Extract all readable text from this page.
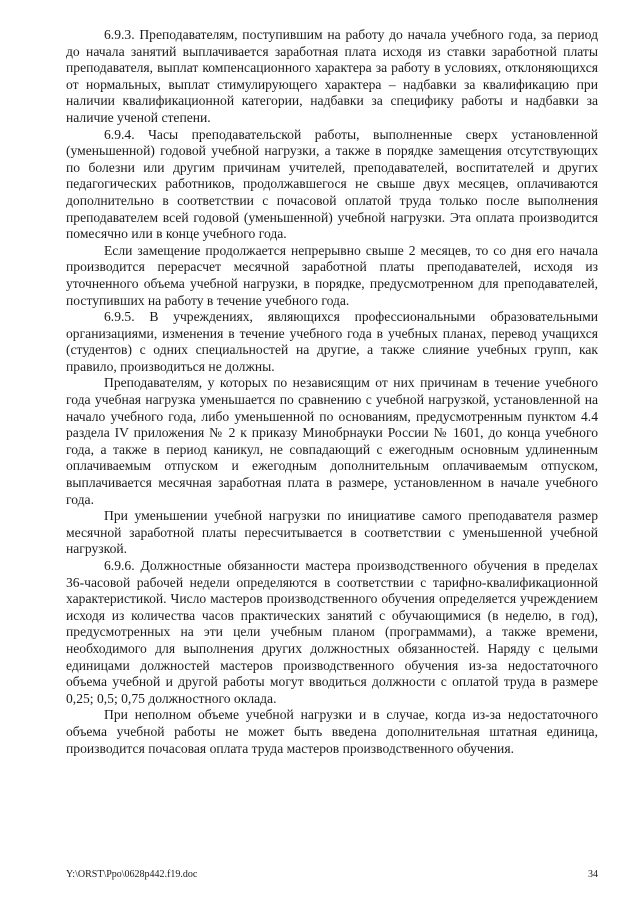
6.9.3. Преподавателям, поступившим на работу до начала учебного года, за период до начала занятий выплачивается заработная плата исходя из ставки заработной платы преподавателя, выплат компенсационного характера за работу в условиях, отклоняющихся от нормальных, выплат стимулирующего характера – надбавки за квалификацию при наличии квалификационной категории, надбавки за специфику работы и надбавки за наличие ученой степени.

6.9.4. Часы преподавательской работы, выполненные сверх установленной (уменьшенной) годовой учебной нагрузки, а также в порядке замещения отсутствующих по болезни или другим причинам учителей, преподавателей, воспитателей и других педагогических работников, продолжавшегося не свыше двух месяцев, оплачиваются дополнительно в соответствии с почасовой оплатой труда только после выполнения преподавателем всей годовой (уменьшенной) учебной нагрузки. Эта оплата производится помесячно или в конце учебного года.

Если замещение продолжается непрерывно свыше 2 месяцев, то со дня его начала производится перерасчет месячной заработной платы преподавателей, исходя из уточненного объема учебной нагрузки, в порядке, предусмотренном для преподавателей, поступивших на работу в течение учебного года.

6.9.5. В учреждениях, являющихся профессиональными образовательными организациями, изменения в течение учебного года в учебных планах, перевод учащихся (студентов) с одних специальностей на другие, а также слияние учебных групп, как правило, производиться не должны.

Преподавателям, у которых по независящим от них причинам в течение учебного года учебная нагрузка уменьшается по сравнению с учебной нагрузкой, установленной на начало учебного года, либо уменьшенной по основаниям, предусмотренным пунктом 4.4 раздела IV приложения № 2 к приказу Минобрнауки России № 1601, до конца учебного года, а также в период каникул, не совпадающий с ежегодным основным удлиненным оплачиваемым отпуском и ежегодным дополнительным оплачиваемым отпуском, выплачивается месячная заработная плата в размере, установленном в начале учебного года.

При уменьшении учебной нагрузки по инициативе самого преподавателя размер месячной заработной платы пересчитывается в соответствии с уменьшенной учебной нагрузкой.

6.9.6. Должностные обязанности мастера производственного обучения в пределах 36-часовой рабочей недели определяются в соответствии с тарифно-квалификационной характеристикой. Число мастеров производственного обучения определяется учреждением исходя из количества часов практических занятий с обучающимися (в неделю, в год), предусмотренных на эти цели учебным планом (программами), а также времени, необходимого для выполнения других должностных обязанностей. Наряду с целыми единицами должностей мастеров производственного обучения из-за недостаточного объема учебной и другой работы могут вводиться должности с оплатой труда в размере 0,25; 0,5; 0,75 должностного оклада.

При неполном объеме учебной нагрузки и в случае, когда из-за недостаточного объема учебной работы не может быть введена дополнительная штатная единица, производится почасовая оплата труда мастеров производственного обучения.

Y:\ORST\Ppo\0628p442.f19.doc	34
